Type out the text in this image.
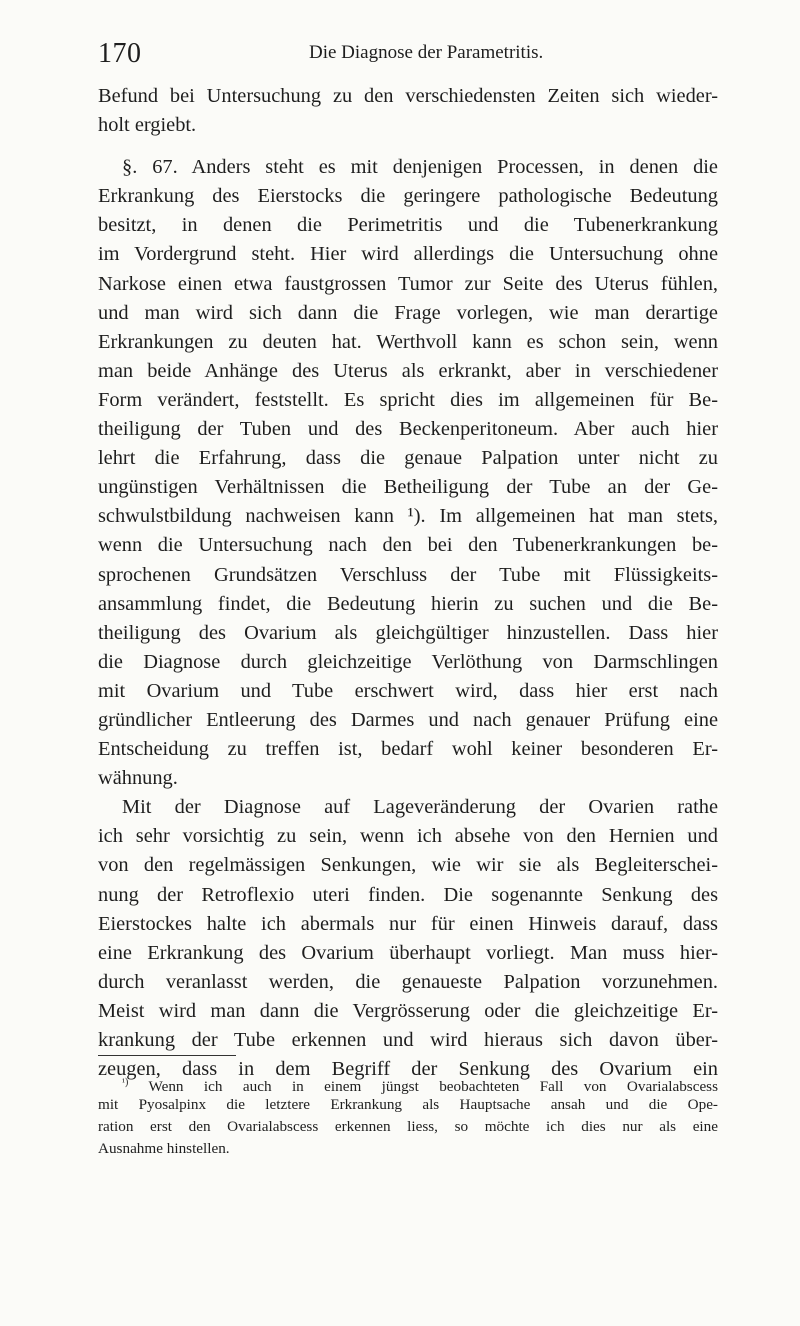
170	Die Diagnose der Parametritis.
Befund bei Untersuchung zu den verschiedensten Zeiten sich wieder-
holt ergiebt.
§. 67. Anders steht es mit denjenigen Processen, in denen die
Erkrankung des Eierstocks die geringere pathologische Bedeutung
besitzt, in denen die Perimetritis und die Tubenerkrankung
im Vordergrund steht. Hier wird allerdings die Untersuchung ohne
Narkose einen etwa faustgrossen Tumor zur Seite des Uterus fühlen,
und man wird sich dann die Frage vorlegen, wie man derartige
Erkrankungen zu deuten hat. Werthvoll kann es schon sein, wenn
man beide Anhänge des Uterus als erkrankt, aber in verschiedener
Form verändert, feststellt. Es spricht dies im allgemeinen für Be-
theiligung der Tuben und des Beckenperitoneum. Aber auch hier
lehrt die Erfahrung, dass die genaue Palpation unter nicht zu
ungünstigen Verhältnissen die Betheiligung der Tube an der Ge-
schwulstbildung nachweisen kann ¹). Im allgemeinen hat man stets,
wenn die Untersuchung nach den bei den Tubenerkrankungen be-
sprochenen Grundsätzen Verschluss der Tube mit Flüssigkeits-
ansammlung findet, die Bedeutung hierin zu suchen und die Be-
theiligung des Ovarium als gleichgültiger hinzustellen. Dass hier
die Diagnose durch gleichzeitige Verlöthung von Darmschlingen
mit Ovarium und Tube erschwert wird, dass hier erst nach
gründlicher Entleerung des Darmes und nach genauer Prüfung eine
Entscheidung zu treffen ist, bedarf wohl keiner besonderen Er-
wähnung.
Mit der Diagnose auf Lageveränderung der Ovarien rathe
ich sehr vorsichtig zu sein, wenn ich absehe von den Hernien und
von den regelmässigen Senkungen, wie wir sie als Begleiterschei-
nung der Retroflexio uteri finden. Die sogenannte Senkung des
Eierstockes halte ich abermals nur für einen Hinweis darauf, dass
eine Erkrankung des Ovarium überhaupt vorliegt. Man muss hier-
durch veranlasst werden, die genaueste Palpation vorzunehmen.
Meist wird man dann die Vergrösserung oder die gleichzeitige Er-
krankung der Tube erkennen und wird hieraus sich davon über-
zeugen, dass in dem Begriff der Senkung des Ovarium ein
$^{^1)}$ Wenn ich auch in einem jüngst beobachteten Fall von Ovarialabscess
mit Pyosalpinx die letztere Erkrankung als Hauptsache ansah und die Ope-
ration erst den Ovarialabscess erkennen liess, so möchte ich dies nur als eine
Ausnahme hinstellen.
